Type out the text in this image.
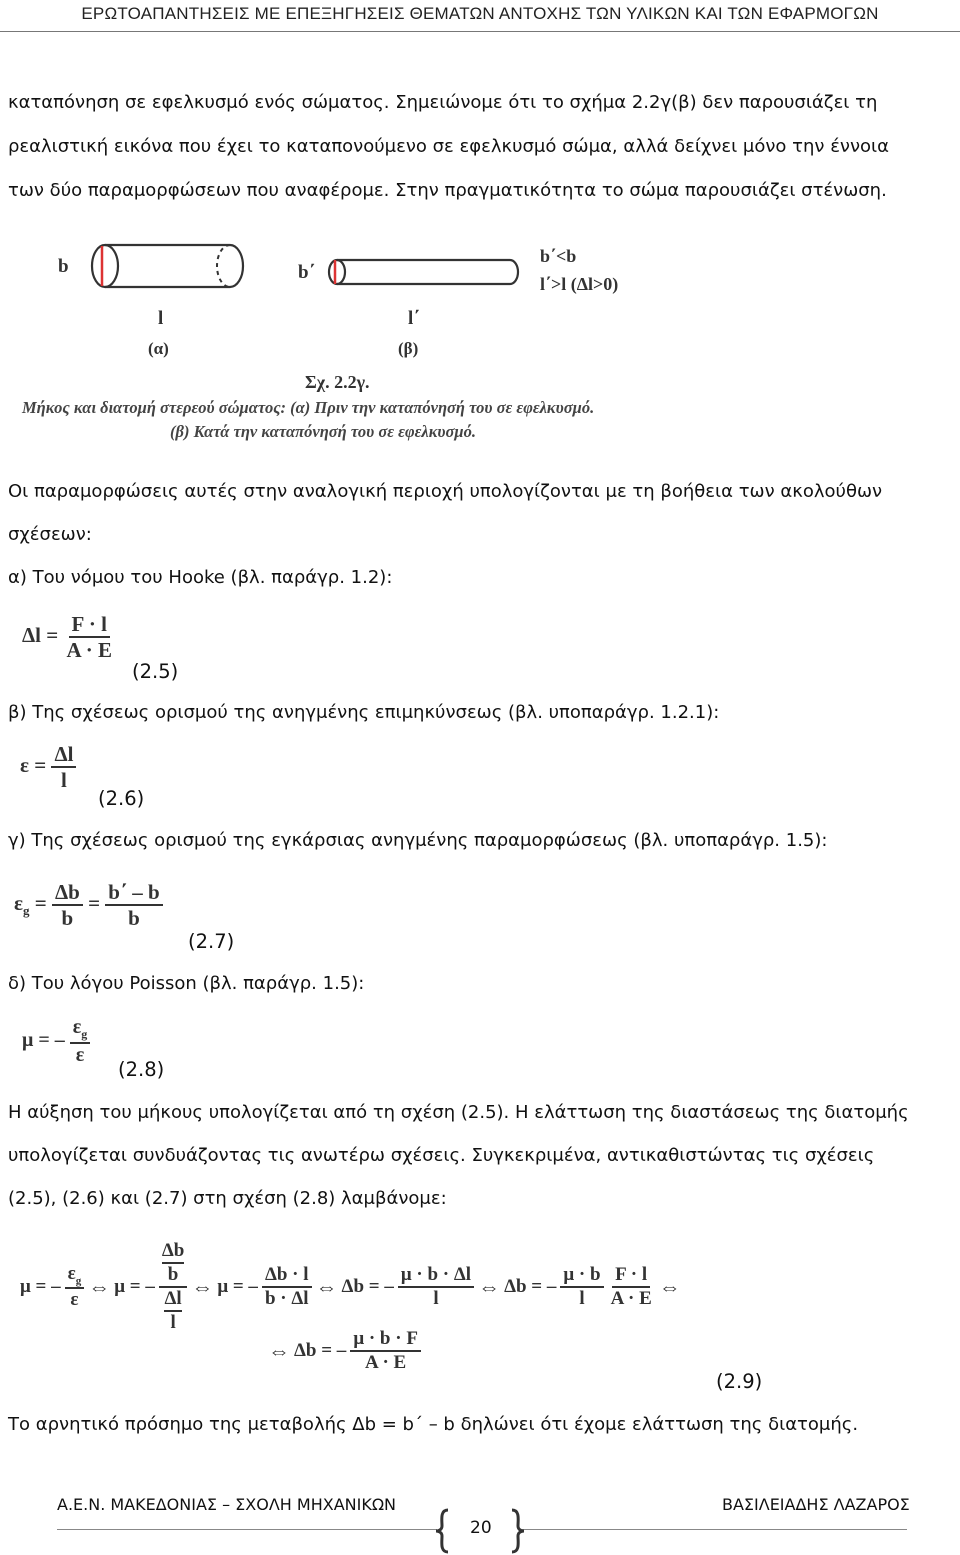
ΕΡΩΤΟΑΠΑΝΤΗΣΕΙΣ ΜΕ ΕΠΕΞΗΓΗΣΕΙΣ ΘΕΜΑΤΩΝ ΑΝΤΟΧΗΣ ΤΩΝ ΥΛΙΚΩΝ ΚΑΙ ΤΩΝ ΕΦΑΡΜΟΓΩΝ
καταπόνηση σε εφελκυσμό ενός σώματος. Σημειώνομε ότι το σχήμα 2.2γ(β) δεν παρουσιάζει τη
ρεαλιστική εικόνα που έχει το καταπονούμενο σε εφελκυσμό σώμα, αλλά δείχνει μόνο την έννοια
των δύο παραμορφώσεων που αναφέρομε. Στην πραγματικότητα το σώμα παρουσιάζει στένωση.
b
l
(α)
b΄
l΄
(β)
b΄<b
l΄>l (Δl>0)
Σχ. 2.2γ.
Μήκος και διατομή στερεού σώματος: (α) Πριν την καταπόνησή του σε εφελκυσμό.
(β) Κατά την καταπόνησή του σε εφελκυσμό.
Οι παραμορφώσεις αυτές στην αναλογική περιοχή υπολογίζονται με τη βοήθεια των ακολούθων
σχέσεων:
α) Του νόμου του Hooke (βλ. παράγρ. 1.2):
$\Delta l = \frac{F \cdot l}{A \cdot E}$
(2.5)
β) Της σχέσεως ορισμού της ανηγμένης επιμηκύνσεως (βλ. υποπαράγρ. 1.2.1):
$\varepsilon = \frac{\Delta l}{l}$
(2.6)
γ) Της σχέσεως ορισμού της εγκάρσιας ανηγμένης παραμορφώσεως (βλ. υποπαράγρ. 1.5):
$\varepsilon_g = \frac{\Delta b}{b} = \frac{b΄ - b}{b}$
(2.7)
δ) Του λόγου Poisson (βλ. παράγρ. 1.5):
μ = – $\frac{\varepsilon_g}{\varepsilon}$
(2.8)
Η αύξηση του μήκους υπολογίζεται από τη σχέση (2.5). Η ελάττωση της διαστάσεως της διατομής
υπολογίζεται συνδυάζοντας τις ανωτέρω σχέσεις. Συγκεκριμένα, αντικαθιστώντας τις σχέσεις
(2.5), (2.6) και (2.7) στη σχέση (2.8) λαμβάνομε:
μ = – $\frac{\varepsilon_g}{\varepsilon}$ ⇔ μ = – Δb
b
Δl
l ⇔ μ = – $\frac{\Delta b \cdot l}{b \cdot \Delta l}$ ⇔ Δb = – $\frac{\mu \cdot b \cdot \Delta l}{l}$ ⇔ Δb = – $\frac{\mu \cdot b}{l} \frac{F \cdot l}{A \cdot E}$ ⇔
⇔ Δb = – $\frac{\mu \cdot b \cdot F}{A \cdot E}$
(2.9)
Το αρνητικό πρόσημο της μεταβολής Δb = b΄ – b δηλώνει ότι έχομε ελάττωση της διατομής.
Α.Ε.Ν. ΜΑΚΕΔΟΝΙΑΣ – ΣΧΟΛΗ ΜΗΧΑΝΙΚΩΝ	ΒΑΣΙΛΕΙΑΔΗΣ ΛΑΖΑΡΟΣ
20
